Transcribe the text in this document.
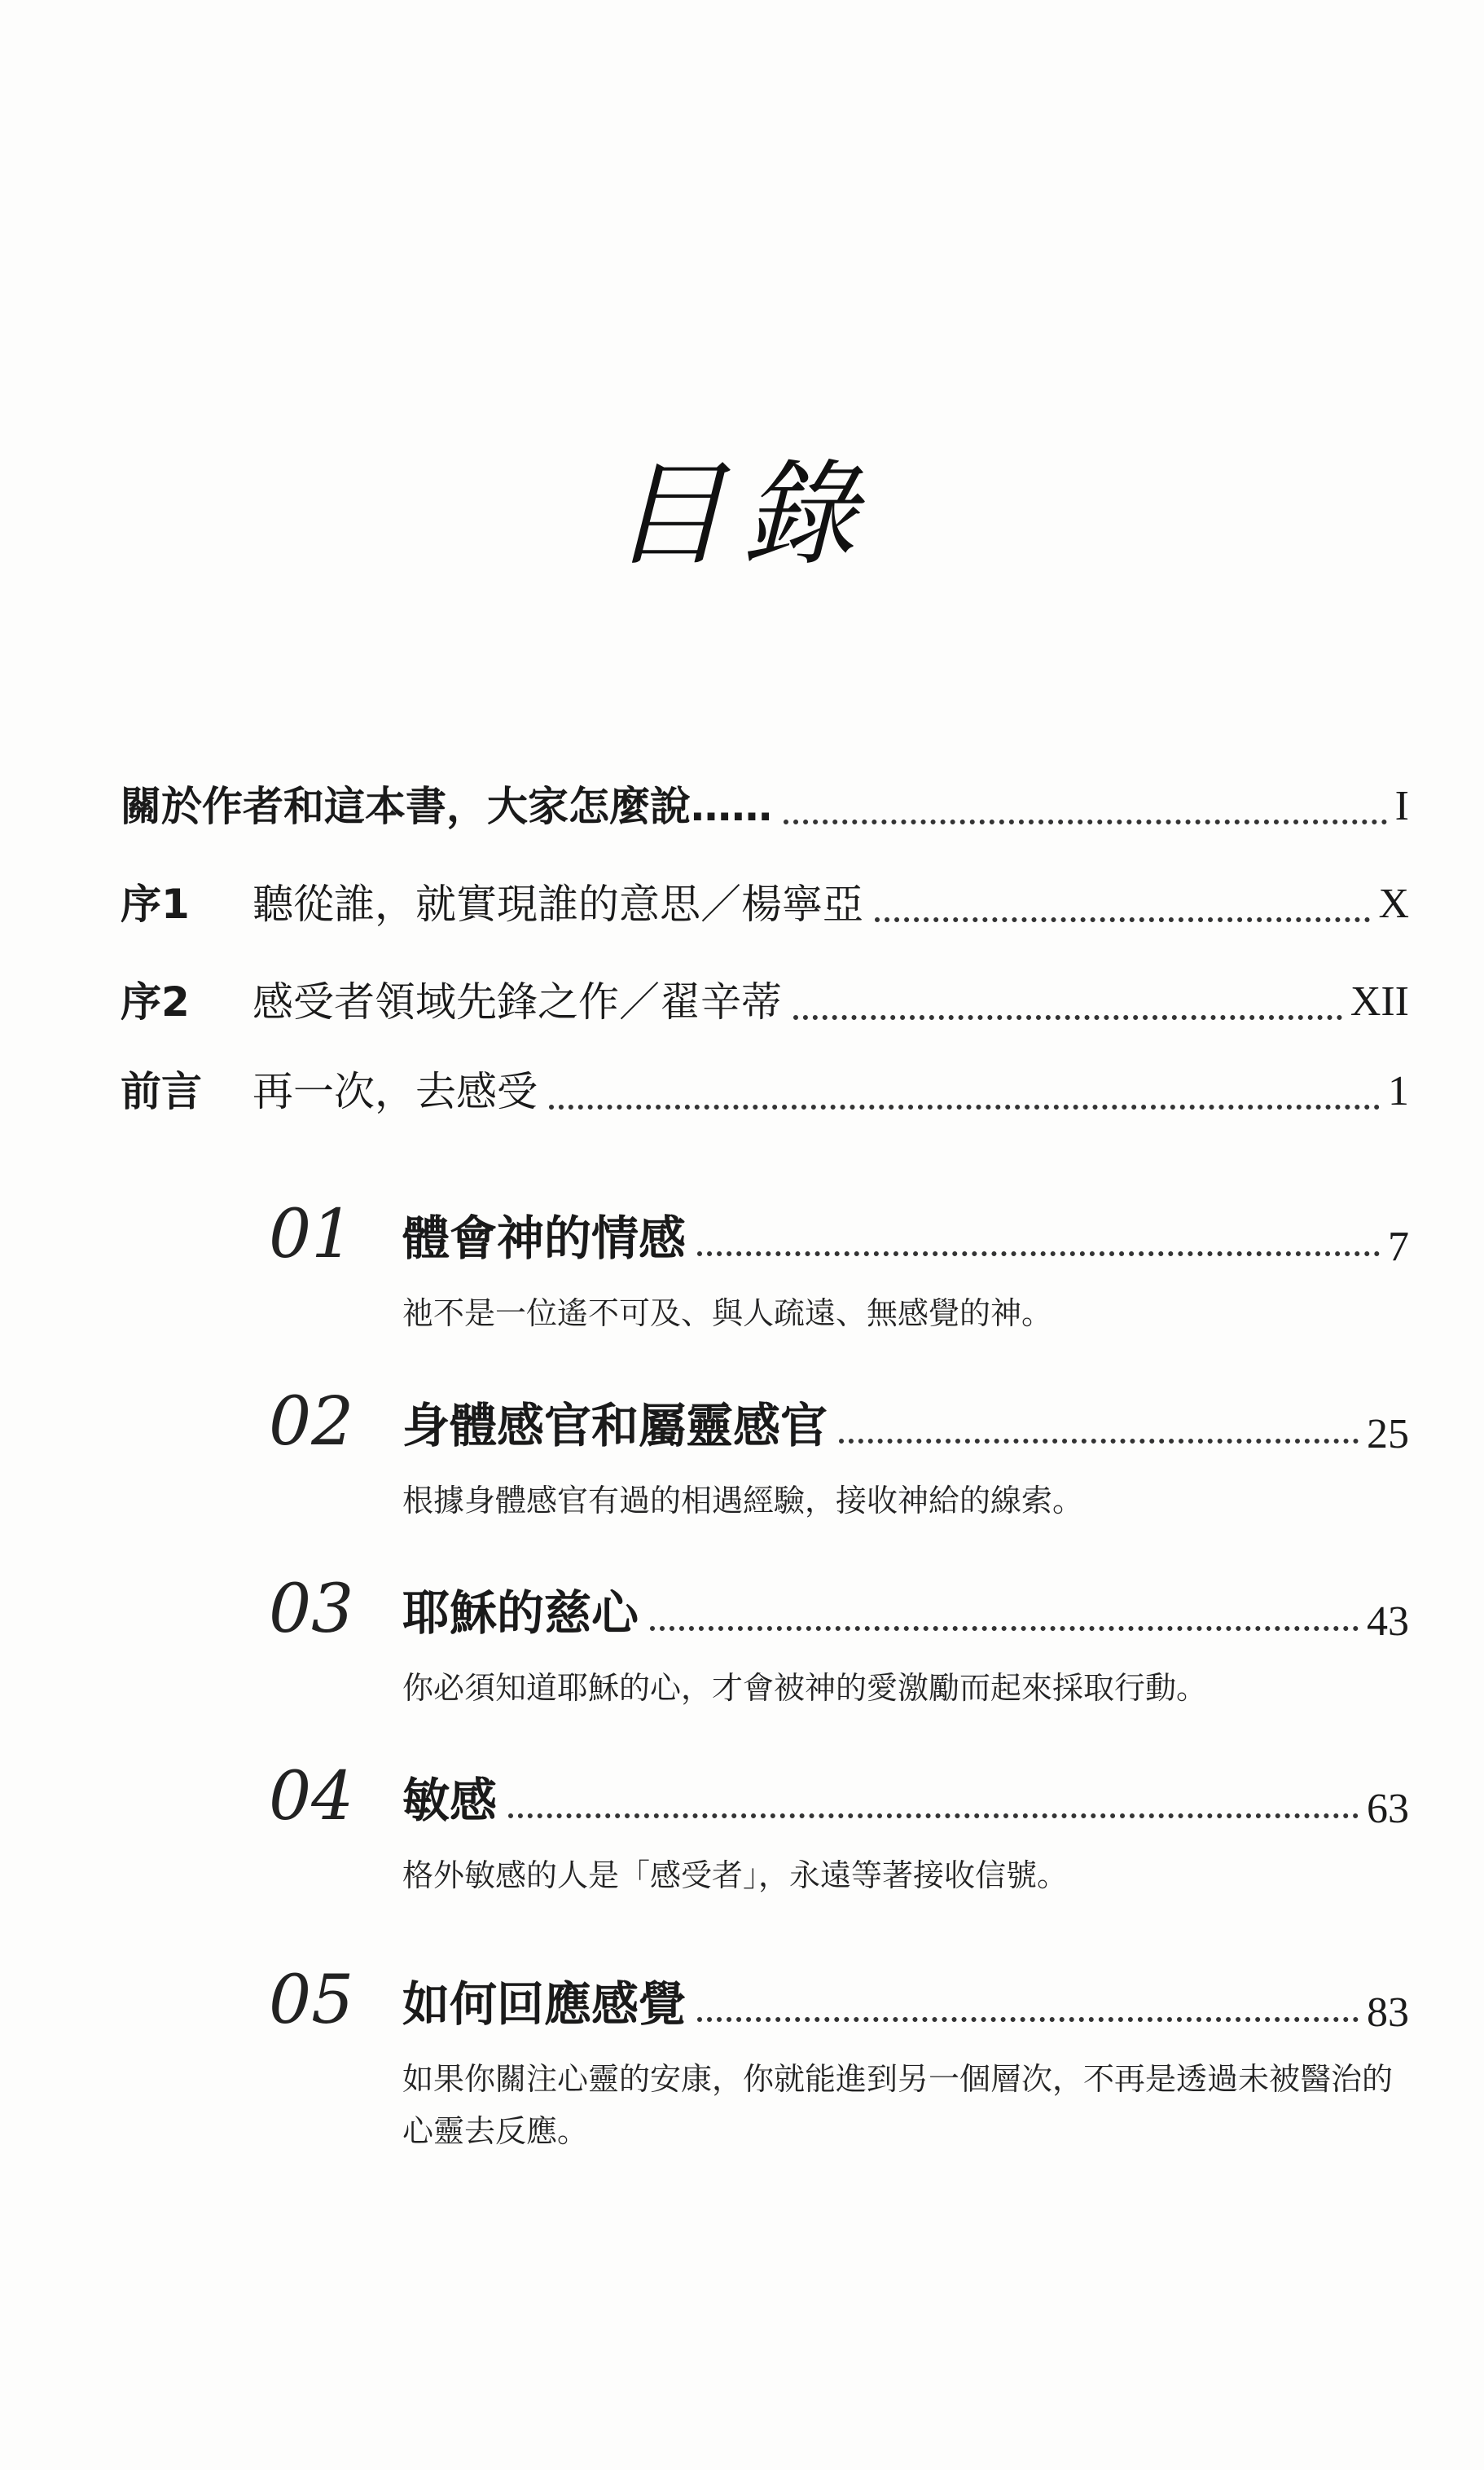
目錄
關於作者和這本書，大家怎麼說……	I
序1	聽從誰，就實現誰的意思／楊寧亞	X
序2	感受者領域先鋒之作／翟辛蒂	XII
前言	再一次，去感受	1
01	體會神的情感	7
祂不是一位遙不可及、與人疏遠、無感覺的神。
02	身體感官和屬靈感官	25
根據身體感官有過的相遇經驗，接收神給的線索。
03	耶穌的慈心	43
你必須知道耶穌的心，才會被神的愛激勵而起來採取行動。
04	敏感	63
格外敏感的人是「感受者」，永遠等著接收信號。
05	如何回應感覺	83
如果你關注心靈的安康，你就能進到另一個層次，不再是透過未被醫治的心靈去反應。
